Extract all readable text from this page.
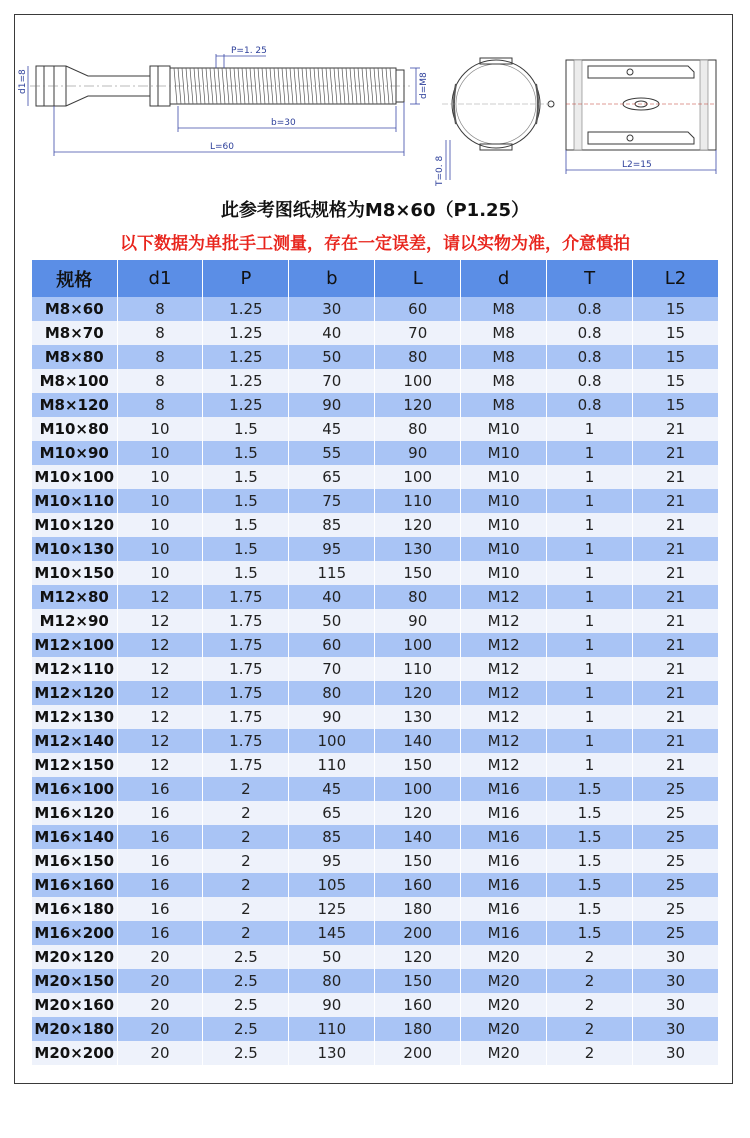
d1=8
P=1. 25
b=30
L=60
d=M8
T=0. 8	L2=15
此参考图纸规格为M8×60（P1.25）
以下数据为单批手工测量，存在一定误差，请以实物为准，介意慎拍
规格	d1	P	b	L	d	T	L2
M8×60	8	1.25	30	60	M8	0.8	15
M8×70	8	1.25	40	70	M8	0.8	15
M8×80	8	1.25	50	80	M8	0.8	15
M8×100	8	1.25	70	100	M8	0.8	15
M8×120	8	1.25	90	120	M8	0.8	15
M10×80	10	1.5	45	80	M10	1	21
M10×90	10	1.5	55	90	M10	1	21
M10×100	10	1.5	65	100	M10	1	21
M10×110	10	1.5	75	110	M10	1	21
M10×120	10	1.5	85	120	M10	1	21
M10×130	10	1.5	95	130	M10	1	21
M10×150	10	1.5	115	150	M10	1	21
M12×80	12	1.75	40	80	M12	1	21
M12×90	12	1.75	50	90	M12	1	21
M12×100	12	1.75	60	100	M12	1	21
M12×110	12	1.75	70	110	M12	1	21
M12×120	12	1.75	80	120	M12	1	21
M12×130	12	1.75	90	130	M12	1	21
M12×140	12	1.75	100	140	M12	1	21
M12×150	12	1.75	110	150	M12	1	21
M16×100	16	2	45	100	M16	1.5	25
M16×120	16	2	65	120	M16	1.5	25
M16×140	16	2	85	140	M16	1.5	25
M16×150	16	2	95	150	M16	1.5	25
M16×160	16	2	105	160	M16	1.5	25
M16×180	16	2	125	180	M16	1.5	25
M16×200	16	2	145	200	M16	1.5	25
M20×120	20	2.5	50	120	M20	2	30
M20×150	20	2.5	80	150	M20	2	30
M20×160	20	2.5	90	160	M20	2	30
M20×180	20	2.5	110	180	M20	2	30
M20×200	20	2.5	130	200	M20	2	30
